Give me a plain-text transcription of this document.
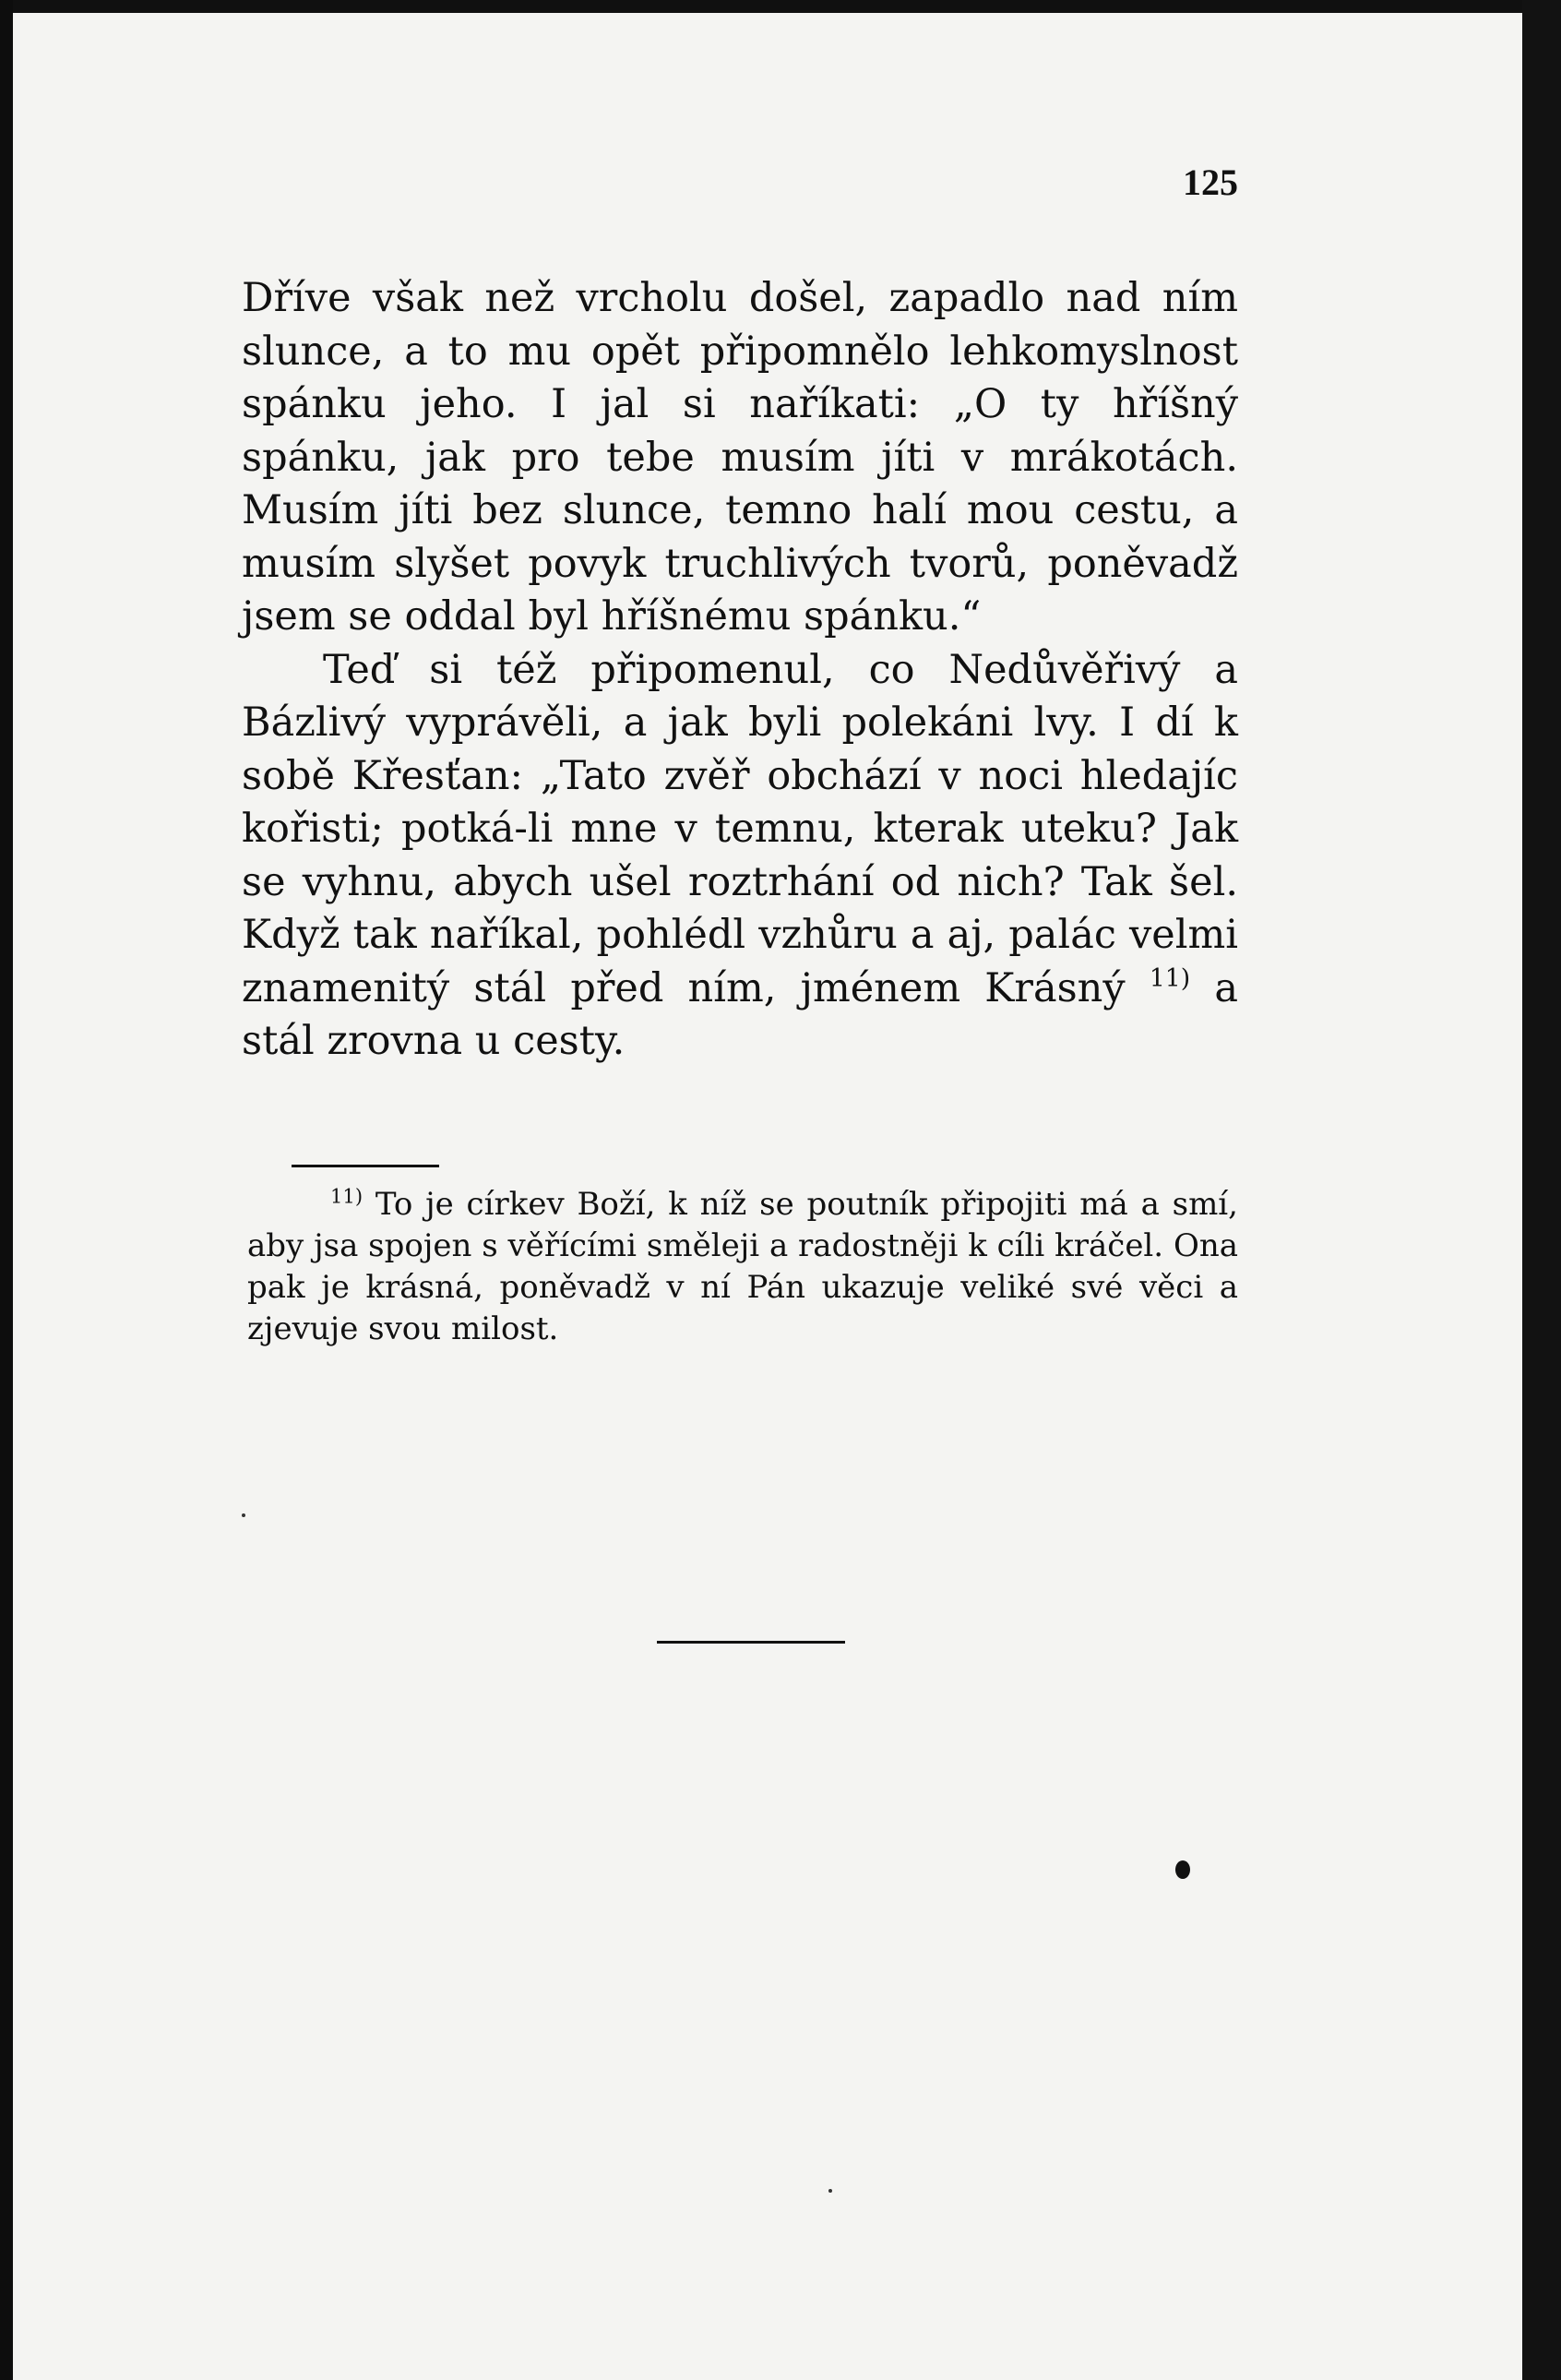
125

Dříve však než vrcholu došel, zapadlo nad ním slunce, a to mu opět připomnělo lehkomyslnost spánku jeho. I jal si naříkati: „O ty hříšný spánku, jak pro tebe musím jíti v mrákotách. Musím jíti bez slunce, temno halí mou cestu, a musím slyšet povyk truchlivých tvorů, poněvadž jsem se oddal byl hříšnému spánku.“

Teď si též připomenul, co Nedůvěřivý a Bázlivý vyprávěli, a jak byli polekáni lvy. I dí k sobě Křesťan: „Tato zvěř obchází v noci hledajíc kořisti; potká-li mne v temnu, kterak uteku? Jak se vyhnu, abych ušel roztrhání od nich? Tak šel. Když tak naříkal, pohlédl vzhůru a aj, palác velmi znamenitý stál před ním, jménem Krásný $^{11)}$ a stál zrovna u cesty.

$^{11)}$ To je církev Boží, k níž se poutník připojiti má a smí, aby jsa spojen s věřícími směleji a radostněji k cíli kráčel. Ona pak je krásná, poněvadž v ní Pán ukazuje veliké své věci a zjevuje svou milost.
